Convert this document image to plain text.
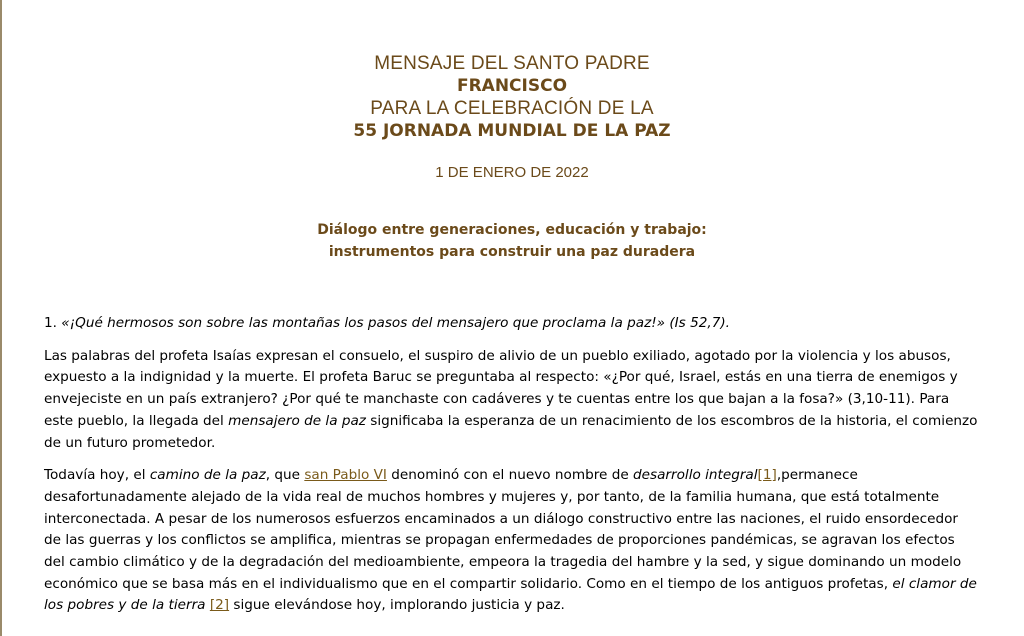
MENSAJE DEL SANTO PADRE
FRANCISCO
PARA LA CELEBRACIÓN DE LA
55 JORNADA MUNDIAL DE LA PAZ
1 DE ENERO DE 2022
Diálogo entre generaciones, educación y trabajo:
instrumentos para construir una paz duradera

1. «¡Qué hermosos son sobre las montañas los pasos del mensajero que proclama la paz!» (Is 52,7).

Las palabras del profeta Isaías expresan el consuelo, el suspiro de alivio de un pueblo exiliado, agotado por la violencia y los abusos, expuesto a la indignidad y la muerte. El profeta Baruc se preguntaba al respecto: «¿Por qué, Israel, estás en una tierra de enemigos y envejeciste en un país extranjero? ¿Por qué te manchaste con cadáveres y te cuentas entre los que bajan a la fosa?» (3,10-11). Para este pueblo, la llegada del mensajero de la paz significaba la esperanza de un renacimiento de los escombros de la historia, el comienzo de un futuro prometedor.

Todavía hoy, el camino de la paz, que san Pablo VI denominó con el nuevo nombre de desarrollo integral[1],permanece desafortunadamente alejado de la vida real de muchos hombres y mujeres y, por tanto, de la familia humana, que está totalmente interconectada. A pesar de los numerosos esfuerzos encaminados a un diálogo constructivo entre las naciones, el ruido ensordecedor de las guerras y los conflictos se amplifica, mientras se propagan enfermedades de proporciones pandémicas, se agravan los efectos del cambio climático y de la degradación del medioambiente, empeora la tragedia del hambre y la sed, y sigue dominando un modelo económico que se basa más en el individualismo que en el compartir solidario. Como en el tiempo de los antiguos profetas, el clamor de los pobres y de la tierra [2] sigue elevándose hoy, implorando justicia y paz.
